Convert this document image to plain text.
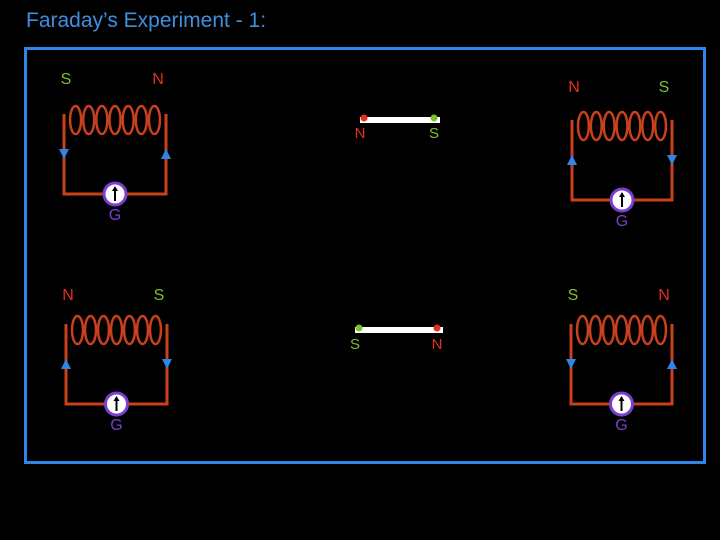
Faraday’s Experiment - 1:
G
S	N
G
N	S
G
N	S
G
S	N
N	S
S	N
